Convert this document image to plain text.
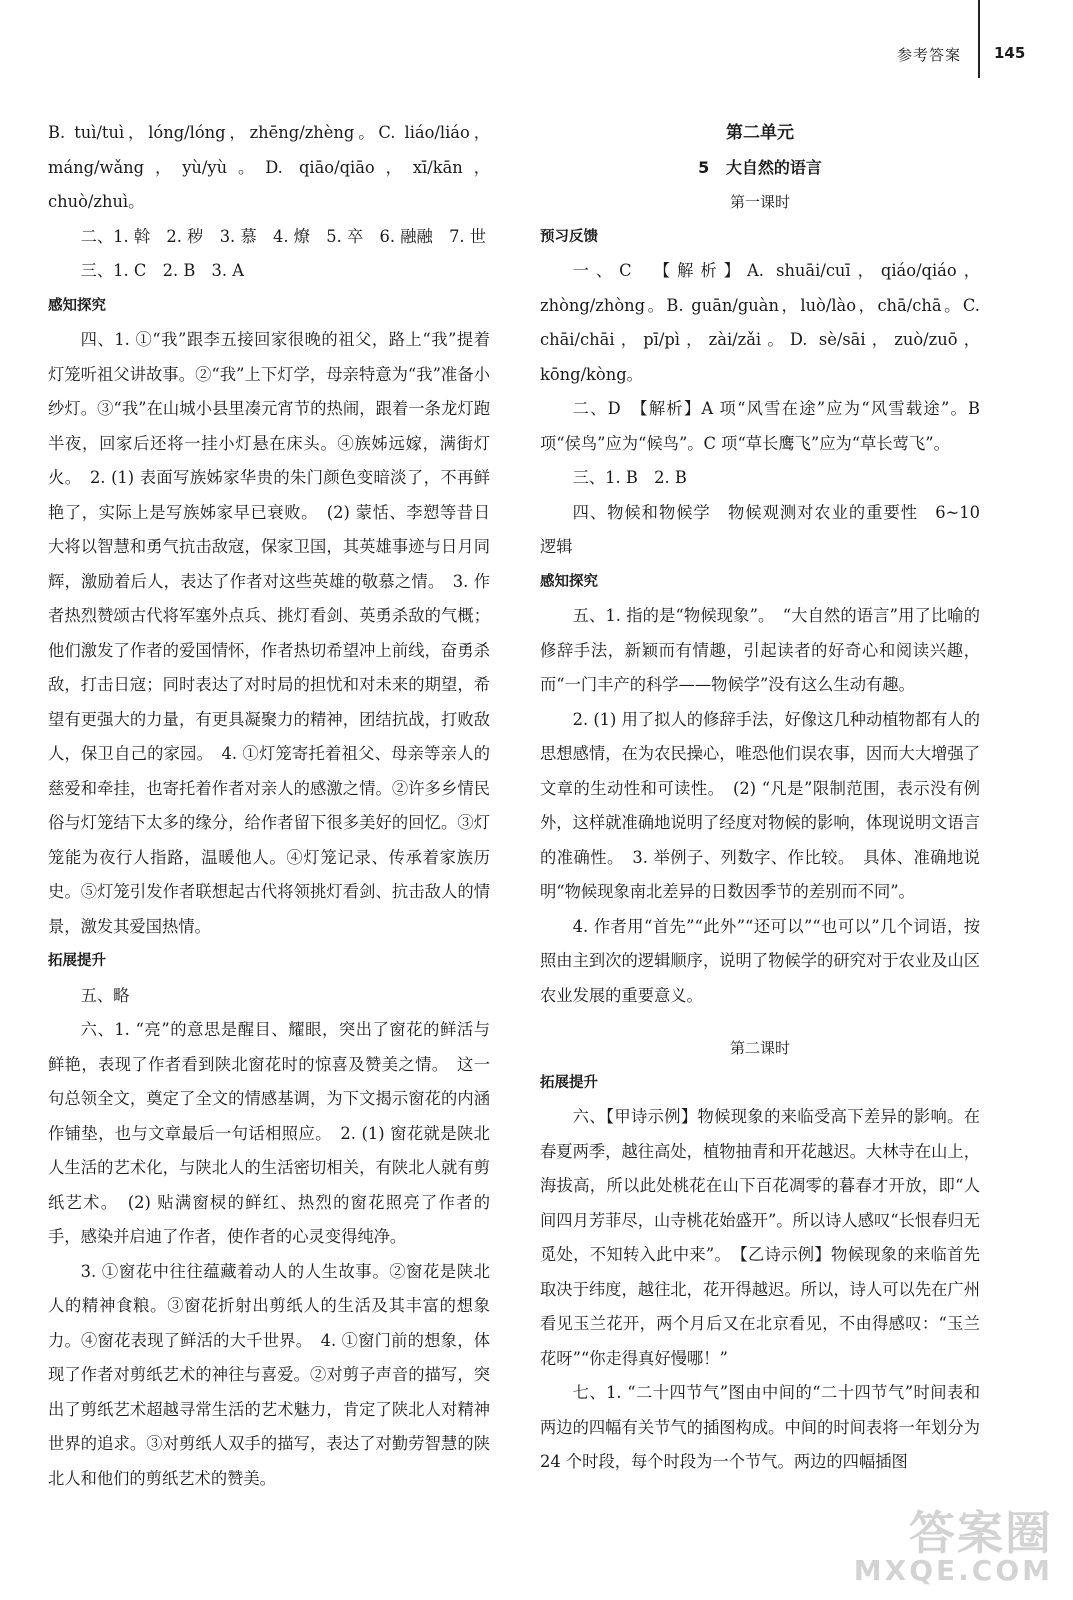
参考答案 145

B. tuì/tuì，lóng/lóng，zhēng/zhèng。C. liáo/liáo，máng/wǎng，yù/yù。D. qiāo/qiāo，xī/kān，chuò/zhuì。

二、1. 斡　2. 秽　3. 慕　4. 燎　5. 卒　6. 融融　7. 世

三、1. C　2. B　3. A

感知探究

四、1. ①“我”跟李五接回家很晚的祖父，路上“我”提着灯笼听祖父讲故事。②“我”上下灯学，母亲特意为“我”准备小纱灯。③“我”在山城小县里凑元宵节的热闹，跟着一条龙灯跑半夜，回家后还将一挂小灯悬在床头。④族姊远嫁，满街灯火。　2. (1) 表面写族姊家华贵的朱门颜色变暗淡了，不再鲜艳了，实际上是写族姊家早已衰败。　(2) 蒙恬、李愬等昔日大将以智慧和勇气抗击敌寇，保家卫国，其英雄事迹与日月同辉，激励着后人，表达了作者对这些英雄的敬慕之情。　3. 作者热烈赞颂古代将军塞外点兵、挑灯看剑、英勇杀敌的气概；他们激发了作者的爱国情怀，作者热切希望冲上前线，奋勇杀敌，打击日寇；同时表达了对时局的担忧和对未来的期望，希望有更强大的力量，有更具凝聚力的精神，团结抗战，打败敌人，保卫自己的家园。　4. ①灯笼寄托着祖父、母亲等亲人的慈爱和牵挂，也寄托着作者对亲人的感激之情。②许多乡情民俗与灯笼结下太多的缘分，给作者留下很多美好的回忆。③灯笼能为夜行人指路，温暖他人。④灯笼记录、传承着家族历史。⑤灯笼引发作者联想起古代将领挑灯看剑、抗击敌人的情景，激发其爱国热情。

拓展提升

五、略

六、1. “亮”的意思是醒目、耀眼，突出了窗花的鲜活与鲜艳，表现了作者看到陕北窗花时的惊喜及赞美之情。　这一句总领全文，奠定了全文的情感基调，为下文揭示窗花的内涵作铺垫，也与文章最后一句话相照应。　2. (1) 窗花就是陕北人生活的艺术化，与陕北人的生活密切相关，有陕北人就有剪纸艺术。　(2) 贴满窗棂的鲜红、热烈的窗花照亮了作者的手，感染并启迪了作者，使作者的心灵变得纯净。

3. ①窗花中往往蕴藏着动人的人生故事。②窗花是陕北人的精神食粮。③窗花折射出剪纸人的生活及其丰富的想象力。④窗花表现了鲜活的大千世界。　4. ①窗门前的想象，体现了作者对剪纸艺术的神往与喜爱。②对剪子声音的描写，突出了剪纸艺术超越寻常生活的艺术魅力，肯定了陕北人对精神世界的追求。③对剪纸人双手的描写，表达了对勤劳智慧的陕北人和他们的剪纸艺术的赞美。

第二单元

5 大自然的语言

第一课时

预习反馈

一、C　【解析】A. shuāi/cuī，qiáo/qiáo，zhòng/zhòng。B. guān/guàn，luò/lào，chā/chā。C. chāi/chāi，pī/pì，zài/zǎi。D. sè/sāi，zuò/zuō，kōng/kòng。

二、D　【解析】A 项“风雪在途”应为“风雪载途”。B 项“侯鸟”应为“候鸟”。C 项“草长鹰飞”应为“草长莺飞”。

三、1. B　2. B

四、物候和物候学　物候观测对农业的重要性　6~10　逻辑

感知探究

五、1. 指的是“物候现象”。　“大自然的语言”用了比喻的修辞手法，新颖而有情趣，引起读者的好奇心和阅读兴趣，而“一门丰产的科学——物候学”没有这么生动有趣。

2. (1) 用了拟人的修辞手法，好像这几种动植物都有人的思想感情，在为农民操心，唯恐他们误农事，因而大大增强了文章的生动性和可读性。　(2) “凡是”限制范围，表示没有例外，这样就准确地说明了经度对物候的影响，体现说明文语言的准确性。　3. 举例子、列数字、作比较。　具体、准确地说明“物候现象南北差异的日数因季节的差别而不同”。

4. 作者用“首先”“此外”“还可以”“也可以”几个词语，按照由主到次的逻辑顺序，说明了物候学的研究对于农业及山区农业发展的重要意义。

第二课时

拓展提升

六、【甲诗示例】物候现象的来临受高下差异的影响。在春夏两季，越往高处，植物抽青和开花越迟。大林寺在山上，海拔高，所以此处桃花在山下百花凋零的暮春才开放，即“人间四月芳菲尽，山寺桃花始盛开”。所以诗人感叹“长恨春归无觅处，不知转入此中来”。　【乙诗示例】物候现象的来临首先取决于纬度，越往北，花开得越迟。所以，诗人可以先在广州看见玉兰花开，两个月后又在北京看见，不由得感叹：“玉兰花呀”“你走得真好慢哪！”

七、1. “二十四节气”图由中间的“二十四节气”时间表和两边的四幅有关节气的插图构成。中间的时间表将一年划分为 24 个时段，每个时段为一个节气。两边的四幅插图

答案圈
MXQE.COM
